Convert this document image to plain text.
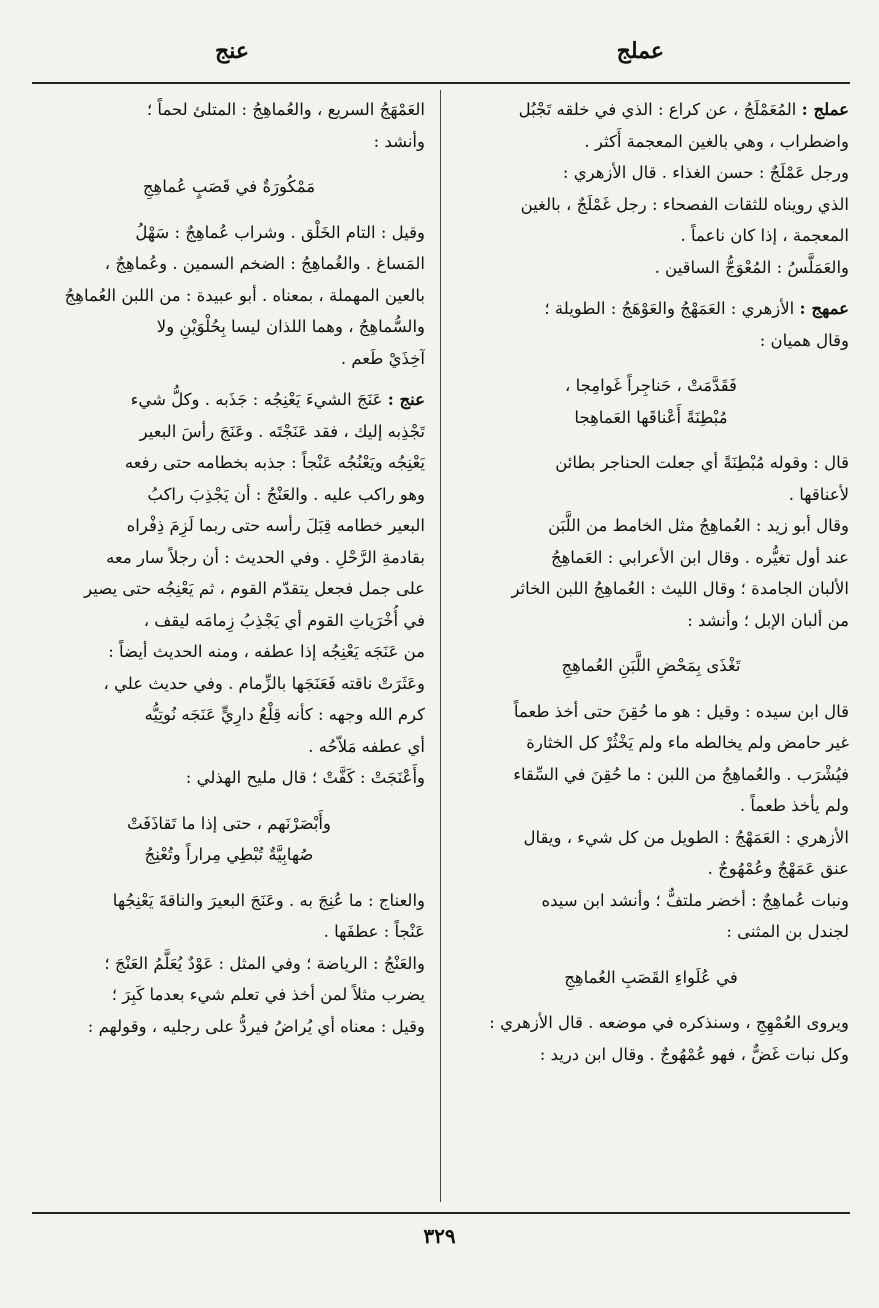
عملج
عنج
عملج : المُعَمْلَجُ ، عن كراع : الذي في خلقه تَجْبُل
واضطراب ، وهي بالغين المعجمة أَكثر .
ورجل عَمْلَجٌ : حسن الغذاء . قال الأزهري :
الذي رويناه للثقات الفصحاء : رجل غَمْلَجٌ ، بالغين
المعجمة ، إذا كان ناعماً .
والعَمَلَّسُ : المُعْوَجُّ الساقين .
عمهج : الأزهري : العَمَهْجُ والعَوْهَجُ : الطويلة ؛
وقال هميان :
فَقَدَّمَتْ ، حَناجِراً غَوامِجا ،
مُبْطِنَةً أَعْناقَها العَماهِجا
قال : وقوله مُبْطِنَةً أي جعلت الحناجر بطائن
لأعناقها .
وقال أبو زيد : العُماهِجُ مثل الخامط من اللَّبَن
عند أول تغيُّره . وقال ابن الأعرابي : العَماهِجُ
الألبان الجامدة ؛ وقال الليث : العُماهِجُ اللبن الخاثر
من ألبان الإبل ؛ وأنشد :
تَغْذَى بِمَحْضِ اللَّبَنِ العُماهِجِ
قال ابن سيده : وقيل : هو ما حُقِنَ حتى أخذ طعماً
غير حامض ولم يخالطه ماء ولم يَخْثُرْ كل الخثارة
فيُشْرَب . والعُماهِجُ من اللبن : ما حُقِنَ في السِّقاء
ولم يأخذ طعماً .
الأزهري : العَمَهْجُ : الطويل من كل شيء ، ويقال
عنق عَمَهْجٌ وعُمْهُوجٌ .
ونبات عُماهِجٌ : أخضر ملتفٌّ ؛ وأنشد ابن سيده
لجندل بن المثنى :
في عُلَواءِ القَصَبِ العُماهِجِ
ويروى العُمْهِجِ ، وسنذكره في موضعه . قال الأزهري :
وكل نبات غَضٌّ ، فهو عُمْهُوجٌ . وقال ابن دريد :
العَمْهَجُ السريع ، والعُماهِجُ : المتلئ لحماً ؛
وأنشد :
مَمْكُورَةٌ في قَصَبٍ عُماهِجِ
وقيل : التام الخَلْق . وشراب عُماهِجٌ : سَهْلُ
المَساغ . والغُماهِجُ : الضخم السمين . وعُماهِجٌ ،
بالعين المهملة ، بمعناه . أبو عبيدة : من اللبن العُماهِجُ
والسُّماهِجُ ، وهما اللذان ليسا بِحُلْوَيْنِ ولا
آخِذَيْ طَعم .
عنج : عَنَجَ الشيءَ يَعْنِجُه : جَذَبه . وكلُّ شيء
تَجْذِبه إليك ، فقد عَنَجْتَه . وعَنَجَ رأسَ البعير
يَعْنِجُه ويَعْنُجُه عَنْجاً : جذبه بخطامه حتى رفعه
وهو راكب عليه . والعَنْجُ : أن يَجْذِبَ راكبُ
البعير خطامه قِبَلَ رأسه حتى ربما لَزِمَ ذِفْراه
بقادمةِ الرَّحْلِ . وفي الحديث : أن رجلاً سار معه
على جمل فجعل يتقدّم القوم ، ثم يَعْنِجُه حتى يصير
في أُخْرَياتِ القوم أي يَجْذِبُ زِمامَه ليقف ،
من عَنَجَه يَعْنِجُه إذا عطفه ، ومنه الحديث أيضاً :
وعَثَرَتْ ناقته فَعَنَجَها بالزِّمام . وفي حديث علي ،
كرم الله وجهه : كأنه قِلْعُ دارِيٍّ عَنَجَه نُوتِيُّه
أي عطفه مَلاّحُه .
وأَعْنَجَتْ : كَفَّتْ ؛ قال مليح الهذلي :
وأَبْصَرْنَهم ، حتى إذا ما تَقاذَفَتْ
صُهابِيَّةٌ تُبْطِي مِراراً وتُعْنِجُ
والعناج : ما عُنِجَ به . وعَنَجَ البعيرَ والناقةَ يَعْنِجُها
عَنْجاً : عطفَها .
والعَنْجُ : الرياضة ؛ وفي المثل : عَوْدٌ يُعَلَّمُ العَنْجَ ؛
يضرب مثلاً لمن أخذ في تعلم شيء بعدما كَبِرَ ؛
وقيل : معناه أي يُراضُ فيردُّ على رجليه ، وقولهم :
٣٢٩
